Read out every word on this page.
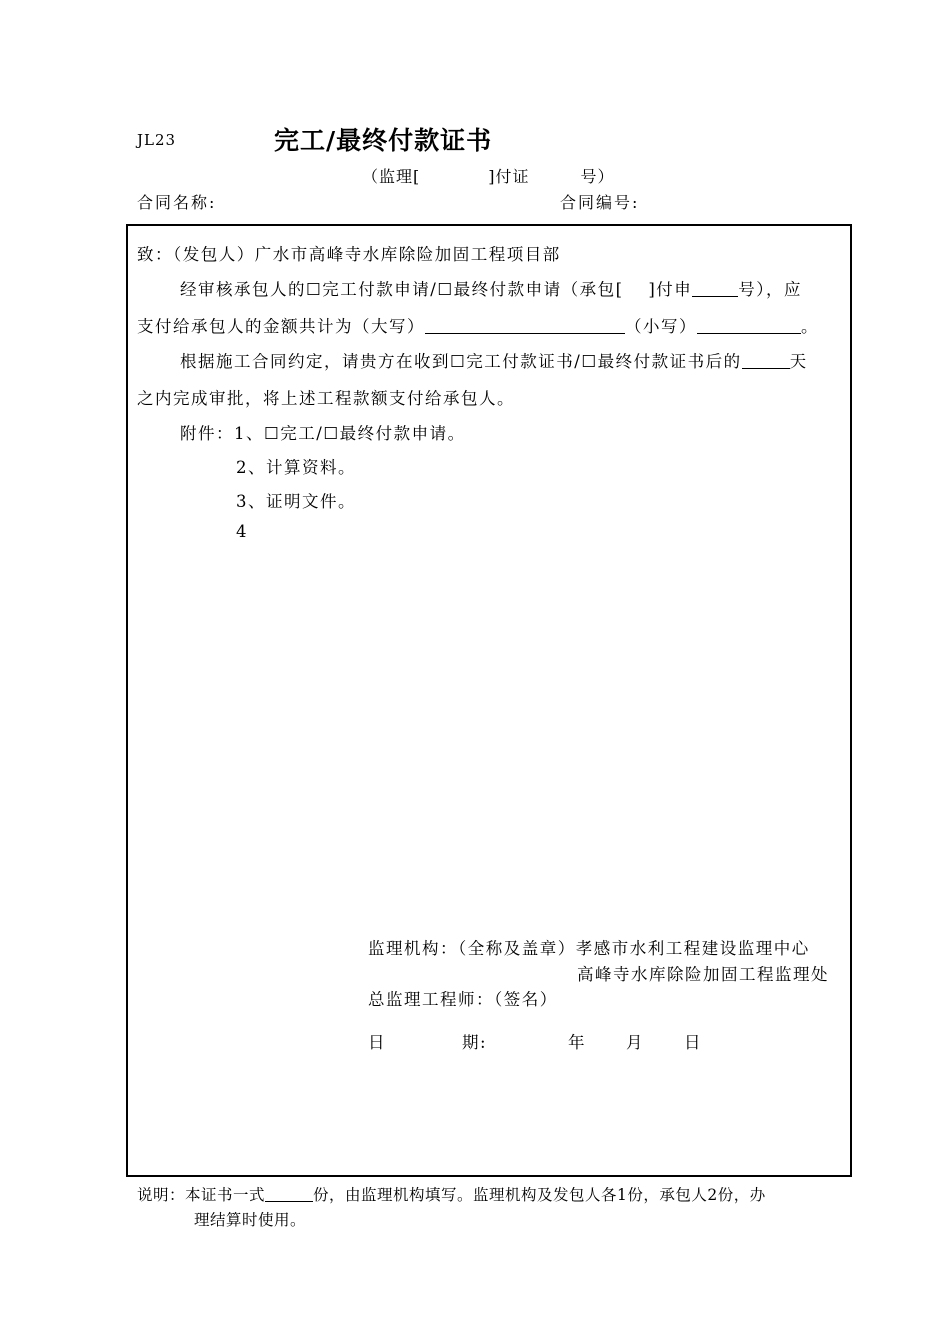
JL23	完工/最终付款证书
（监理[　　　　]付证　　　号）
合同名称:	合同编号:
致：（发包人）广水市高峰寺水库除险加固工程项目部
经审核承包人的☐完工付款申请/☐最终付款申请（承包[　 ]付申	号），应
支付给承包人的金额共计为（大写）	（小写）	。
根据施工合同约定，请贵方在收到☐完工付款证书/☐最终付款证书后的	天
之内完成审批，将上述工程款额支付给承包人。
附件：1、☐完工/☐最终付款申请。
2、计算资料。
3、证明文件。
4
监理机构：（全称及盖章）孝感市水利工程建设监理中心
高峰寺水库除险加固工程监理处
总监理工程师：（签名）
日	期:	年 月 日
说明：本证书一式	份，由监理机构填写。监理机构及发包人各1份，承包人2份，办
理结算时使用。
